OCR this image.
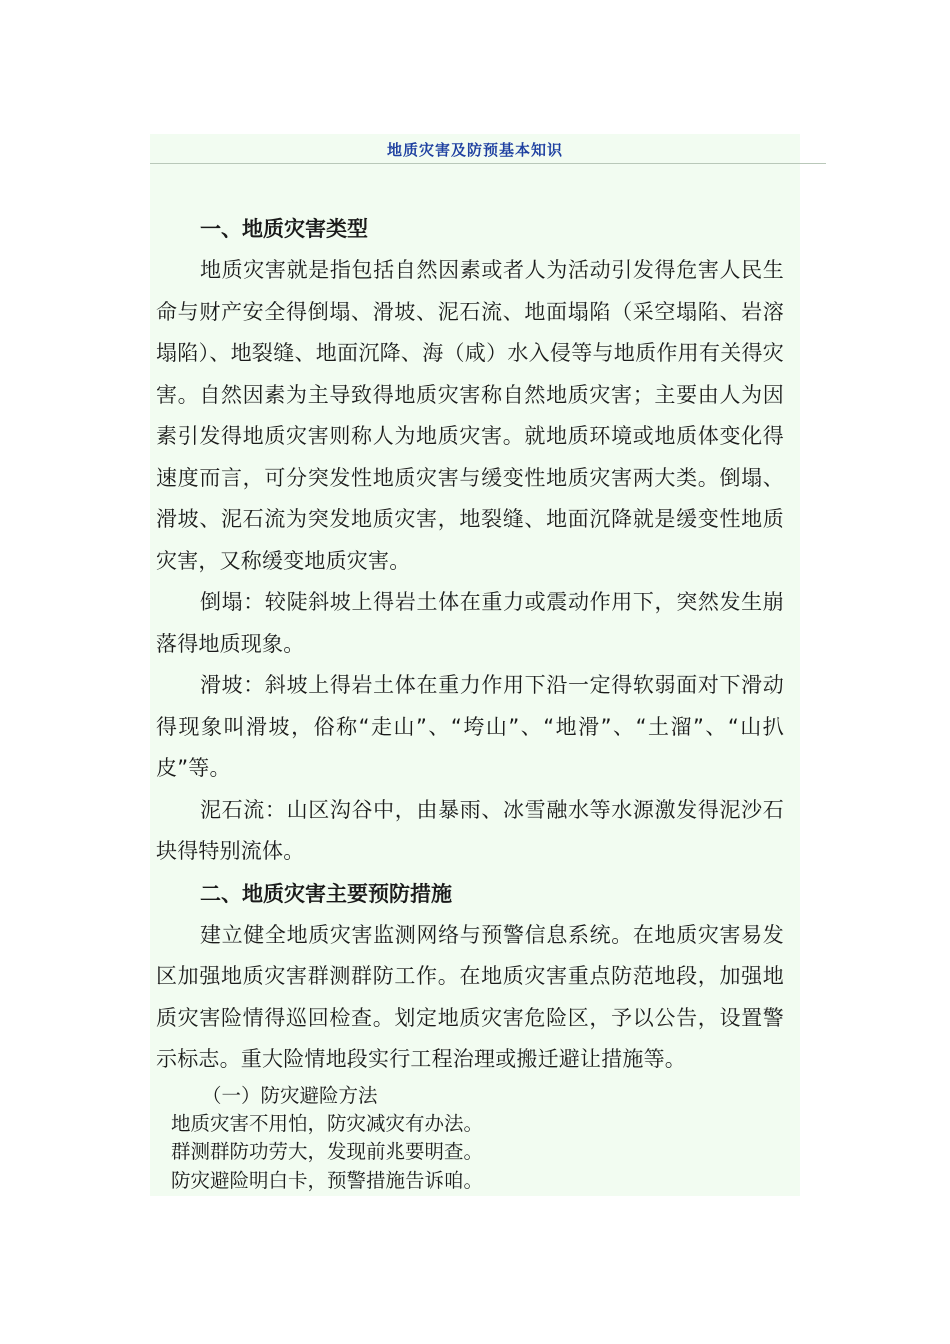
地质灾害及防预基本知识

一、地质灾害类型

地质灾害就是指包括自然因素或者人为活动引发得危害人民生命与财产安全得倒塌、滑坡、泥石流、地面塌陷（采空塌陷、岩溶塌陷）、地裂缝、地面沉降、海（咸）水入侵等与地质作用有关得灾害。自然因素为主导致得地质灾害称自然地质灾害；主要由人为因素引发得地质灾害则称人为地质灾害。就地质环境或地质体变化得速度而言，可分突发性地质灾害与缓变性地质灾害两大类。倒塌、滑坡、泥石流为突发地质灾害，地裂缝、地面沉降就是缓变性地质灾害，又称缓变地质灾害。

倒塌：较陡斜坡上得岩土体在重力或震动作用下，突然发生崩落得地质现象。

滑坡：斜坡上得岩土体在重力作用下沿一定得软弱面对下滑动得现象叫滑坡，俗称“走山”、“垮山”、“地滑”、“土溜”、“山扒皮”等。

泥石流：山区沟谷中，由暴雨、冰雪融水等水源激发得泥沙石块得特别流体。

二、地质灾害主要预防措施

建立健全地质灾害监测网络与预警信息系统。在地质灾害易发区加强地质灾害群测群防工作。在地质灾害重点防范地段，加强地质灾害险情得巡回检查。划定地质灾害危险区，予以公告，设置警示标志。重大险情地段实行工程治理或搬迁避让措施等。

（一）防灾避险方法

地质灾害不用怕，防灾减灾有办法。

群测群防功劳大，发现前兆要明查。

防灾避险明白卡，预警措施告诉咱。
